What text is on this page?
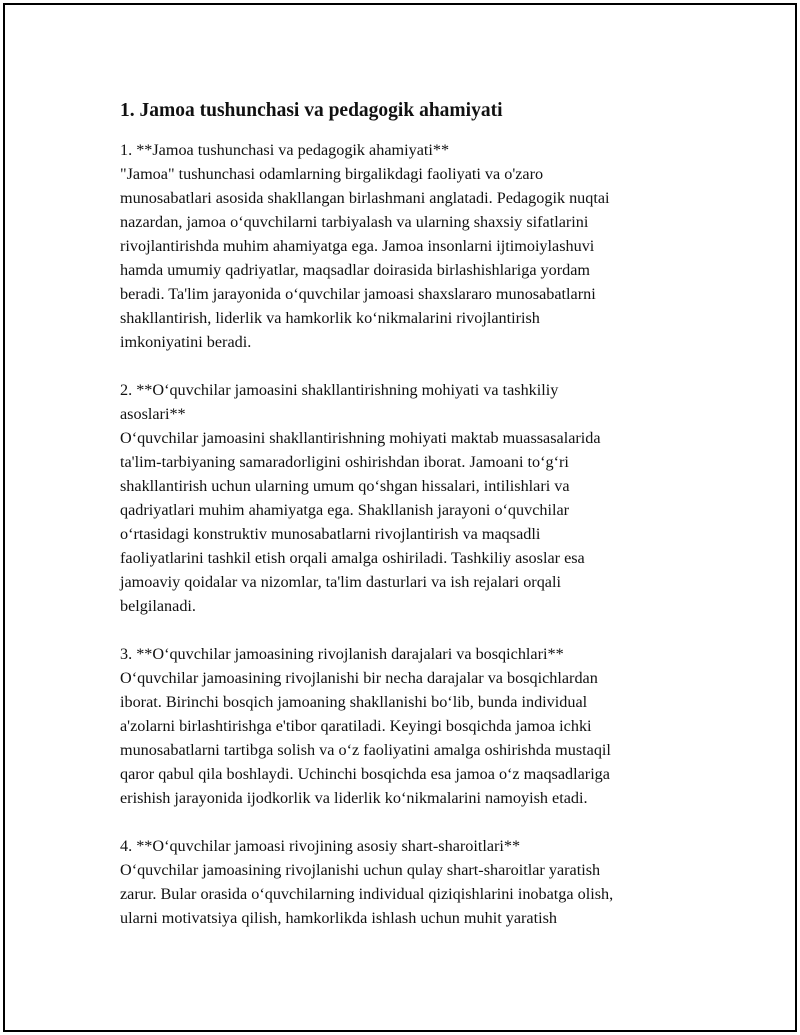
1. Jamoa tushunchasi va pedagogik ahamiyati

1. **Jamoa tushunchasi va pedagogik ahamiyati**
"Jamoa" tushunchasi odamlarning birgalikdagi faoliyati va o'zaro
munosabatlari asosida shakllangan birlashmani anglatadi. Pedagogik nuqtai
nazardan, jamoa oʻquvchilarni tarbiyalash va ularning shaxsiy sifatlarini
rivojlantirishda muhim ahamiyatga ega. Jamoa insonlarni ijtimoiylashuvi
hamda umumiy qadriyatlar, maqsadlar doirasida birlashishlariga yordam
beradi. Ta'lim jarayonida oʻquvchilar jamoasi shaxslararo munosabatlarni
shakllantirish, liderlik va hamkorlik koʻnikmalarini rivojlantirish
imkoniyatini beradi.

2. **Oʻquvchilar jamoasini shakllantirishning mohiyati va tashkiliy
asoslari**
Oʻquvchilar jamoasini shakllantirishning mohiyati maktab muassasalarida
ta'lim-tarbiyaning samaradorligini oshirishdan iborat. Jamoani toʻgʻri
shakllantirish uchun ularning umum qoʻshgan hissalari, intilishlari va
qadriyatlari muhim ahamiyatga ega. Shakllanish jarayoni oʻquvchilar
oʻrtasidagi konstruktiv munosabatlarni rivojlantirish va maqsadli
faoliyatlarini tashkil etish orqali amalga oshiriladi. Tashkiliy asoslar esa
jamoaviy qoidalar va nizomlar, ta'lim dasturlari va ish rejalari orqali
belgilanadi.

3. **Oʻquvchilar jamoasining rivojlanish darajalari va bosqichlari**
Oʻquvchilar jamoasining rivojlanishi bir necha darajalar va bosqichlardan
iborat. Birinchi bosqich jamoaning shakllanishi boʻlib, bunda individual
a'zolarni birlashtirishga e'tibor qaratiladi. Keyingi bosqichda jamoa ichki
munosabatlarni tartibga solish va oʻz faoliyatini amalga oshirishda mustaqil
qaror qabul qila boshlaydi. Uchinchi bosqichda esa jamoa oʻz maqsadlariga
erishish jarayonida ijodkorlik va liderlik koʻnikmalarini namoyish etadi.

4. **Oʻquvchilar jamoasi rivojining asosiy shart-sharoitlari**
Oʻquvchilar jamoasining rivojlanishi uchun qulay shart-sharoitlar yaratish
zarur. Bular orasida oʻquvchilarning individual qiziqishlarini inobatga olish,
ularni motivatsiya qilish, hamkorlikda ishlash uchun muhit yaratish
